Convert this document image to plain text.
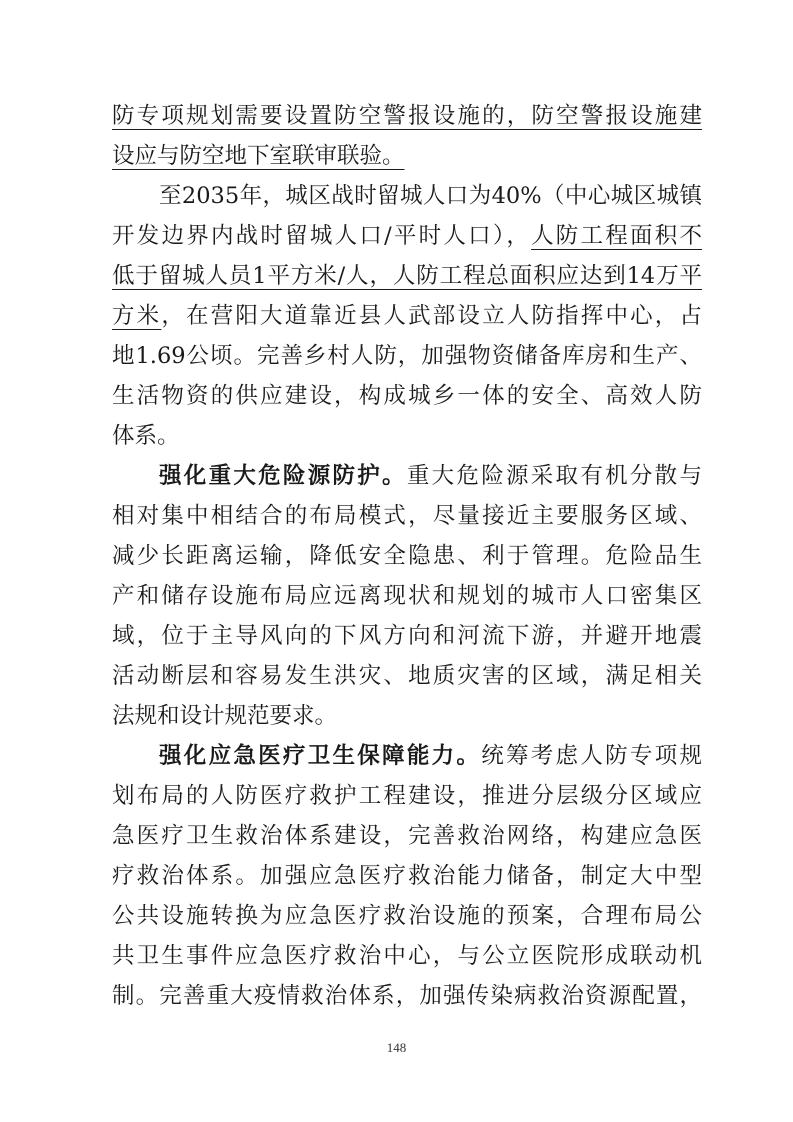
防专项规划需要设置防空警报设施的，防空警报设施建
设应与防空地下室联审联验。
至2035年，城区战时留城人口为40%（中心城区城镇
开发边界内战时留城人口/平时人口），人防工程面积不
低于留城人员1平方米/人，人防工程总面积应达到14万平
方米，在营阳大道靠近县人武部设立人防指挥中心，占
地1.69公顷。完善乡村人防，加强物资储备库房和生产、
生活物资的供应建设，构成城乡一体的安全、高效人防
体系。
强化重大危险源防护。重大危险源采取有机分散与
相对集中相结合的布局模式，尽量接近主要服务区域、
减少长距离运输，降低安全隐患、利于管理。危险品生
产和储存设施布局应远离现状和规划的城市人口密集区
域，位于主导风向的下风方向和河流下游，并避开地震
活动断层和容易发生洪灾、地质灾害的区域，满足相关
法规和设计规范要求。
强化应急医疗卫生保障能力。统筹考虑人防专项规
划布局的人防医疗救护工程建设，推进分层级分区域应
急医疗卫生救治体系建设，完善救治网络，构建应急医
疗救治体系。加强应急医疗救治能力储备，制定大中型
公共设施转换为应急医疗救治设施的预案，合理布局公
共卫生事件应急医疗救治中心，与公立医院形成联动机
制。完善重大疫情救治体系，加强传染病救治资源配置，
148
